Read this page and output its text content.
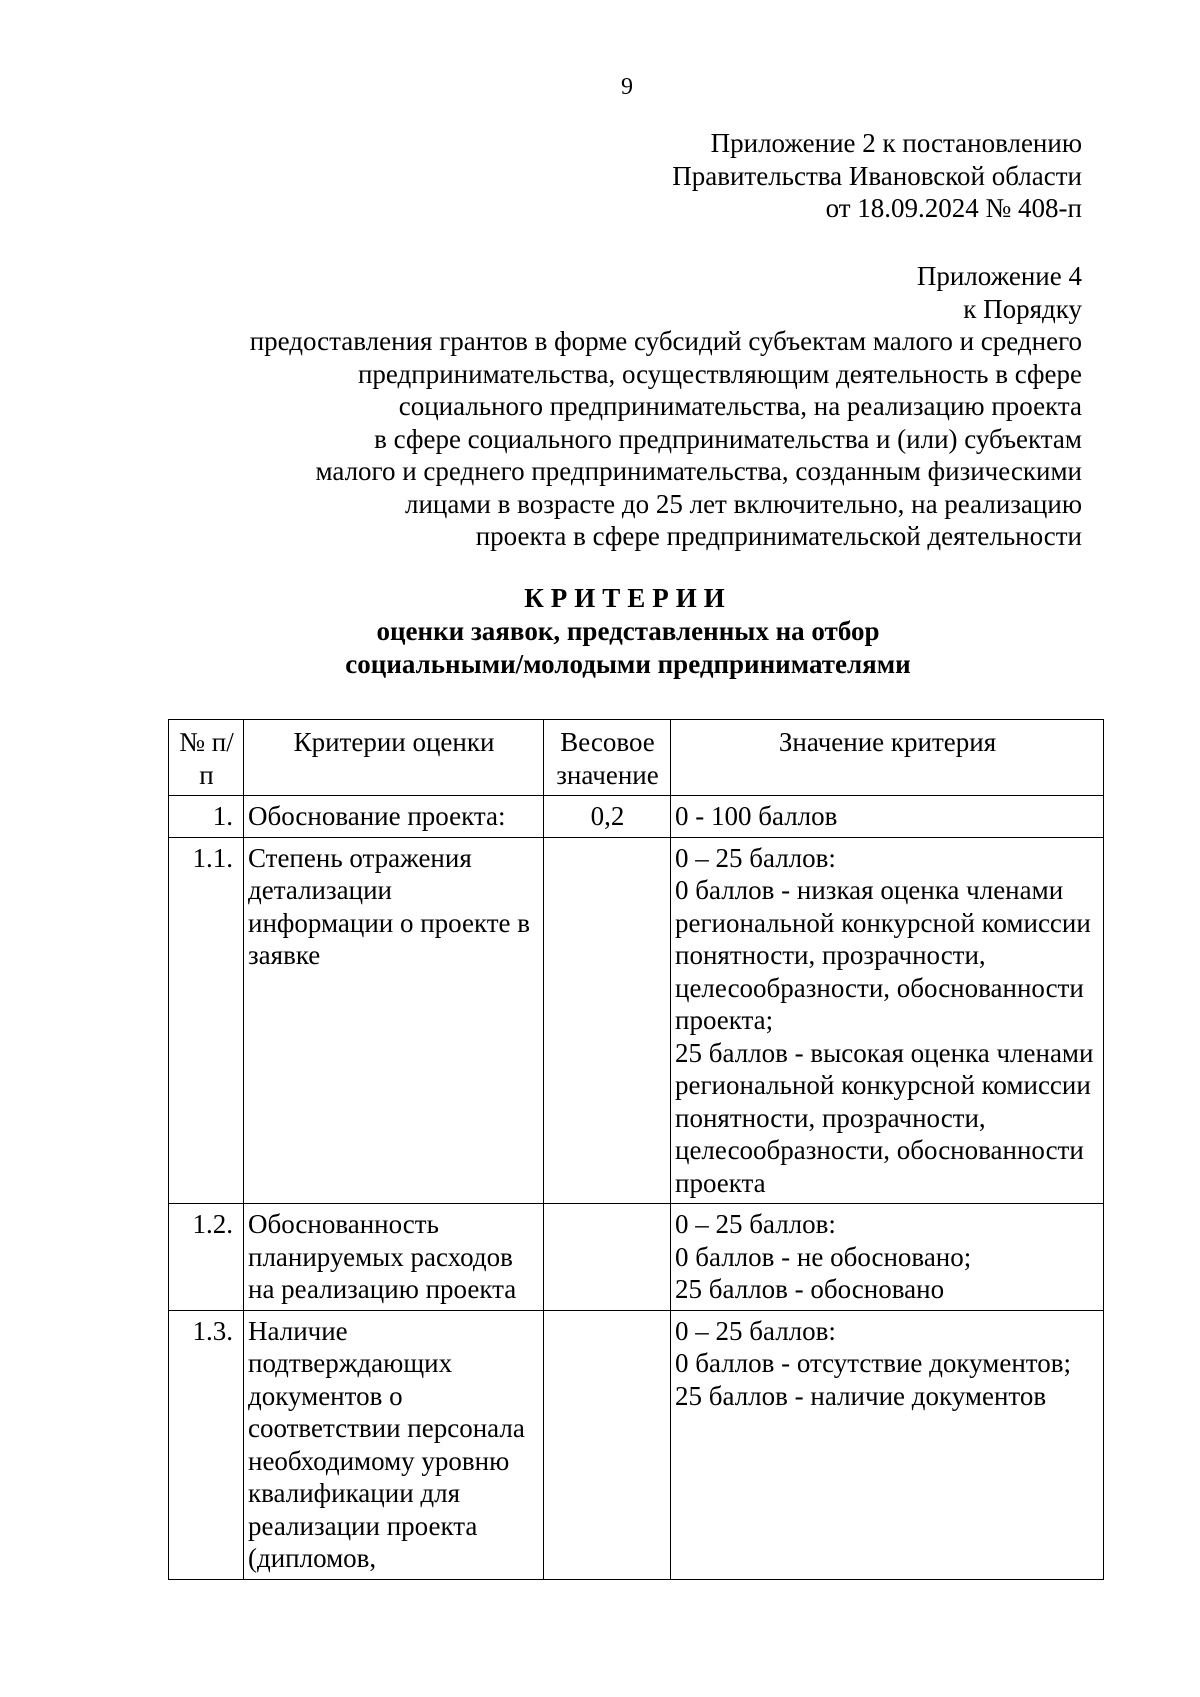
9
Приложение 2 к постановлению
Правительства Ивановской области
от 18.09.2024 № 408-п
Приложение 4
к Порядку
предоставления грантов в форме субсидий субъектам малого и среднего
предпринимательства, осуществляющим деятельность в сфере
социального предпринимательства, на реализацию проекта
в сфере социального предпринимательства и (или) субъектам
малого и среднего предпринимательства, созданным физическими
лицами в возрасте до 25 лет включительно, на реализацию
проекта в сфере предпринимательской деятельности
КРИТЕРИИ
оценки заявок, представленных на отбор
социальными/молодыми предпринимателями
№ п/п	Критерии оценки	Весовое значение	Значение критерия
1.	Обоснование проекта:	0,2	0 - 100 баллов

1.1.	Степень отражения детализации информации о проекте в заявке		0 – 25 баллов:
0 баллов - низкая оценка членами региональной конкурсной комиссии понятности, прозрачности, целесообразности, обоснованности проекта;
25 баллов - высокая оценка членами региональной конкурсной комиссии понятности, прозрачности, целесообразности, обоснованности проекта

1.2.	Обоснованность планируемых расходов на реализацию проекта		0 – 25 баллов:
0 баллов - не обосновано;
25 баллов - обосновано

1.3.	Наличие подтверждающих документов о соответствии персонала необходимому уровню квалификации для реализации проекта (дипломов,		0 – 25 баллов:
0 баллов - отсутствие документов;
25 баллов - наличие документов
